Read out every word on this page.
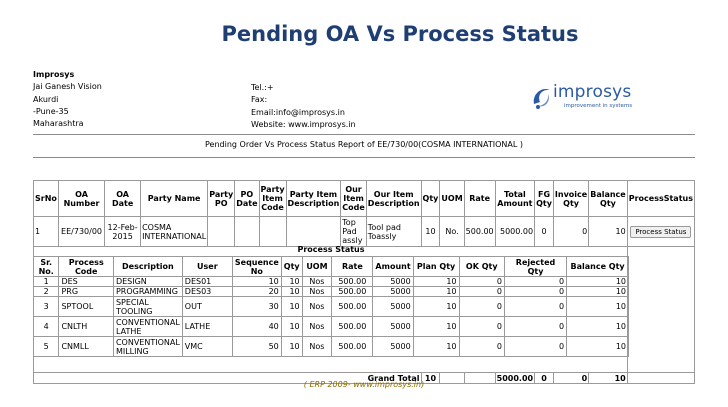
Pending OA Vs Process Status
Improsys
Jai Ganesh Vision
Akurdi
-Pune-35
Maharashtra
Tel.:+
Fax:
Email:info@improsys.in
Website: www.improsys.in
improsys
improvement in systems
Pending Order Vs Process Status Report of EE/730/00(COSMA INTERNATIONAL )
SrNo	OA Number	OA Date	Party Name	Party PO	PO Date	Party Item Code	Party Item Description	Our Item Code	Our Item Description	Qty	UOM	Rate	Total Amount	FG Qty	Invoice Qty	Balance Qty	ProcessStatus
1	EE/730/00	12-Feb-2015	COSMA INTERNATIONAL					Top Pad assly	Tool pad Toassly	10	No.	500.00	5000.00	0	0	10	Process Status

Grand Total										10			5000.00	0	0	10	
Process Status
Sr. No.	Process Code	Description	User	Sequence No	Qty	UOM	Rate	Amount	Plan Qty	OK Qty	Rejected Qty	Balance Qty
1	DES	DESIGN	DES01	10	10	Nos	500.00	5000	10	0	0	10
2	PRG	PROGRAMMING	DES03	20	10	Nos	500.00	5000	10	0	0	10
3	SPTOOL	SPECIAL TOOLING	OUT	30	10	Nos	500.00	5000	10	0	0	10
4	CNLTH	CONVENTIONAL LATHE	LATHE	40	10	Nos	500.00	5000	10	0	0	10
5	CNMLL	CONVENTIONAL MILLING	VMC	50	10	Nos	500.00	5000	10	0	0	10
( ERP 2009- www.improsys.in)
